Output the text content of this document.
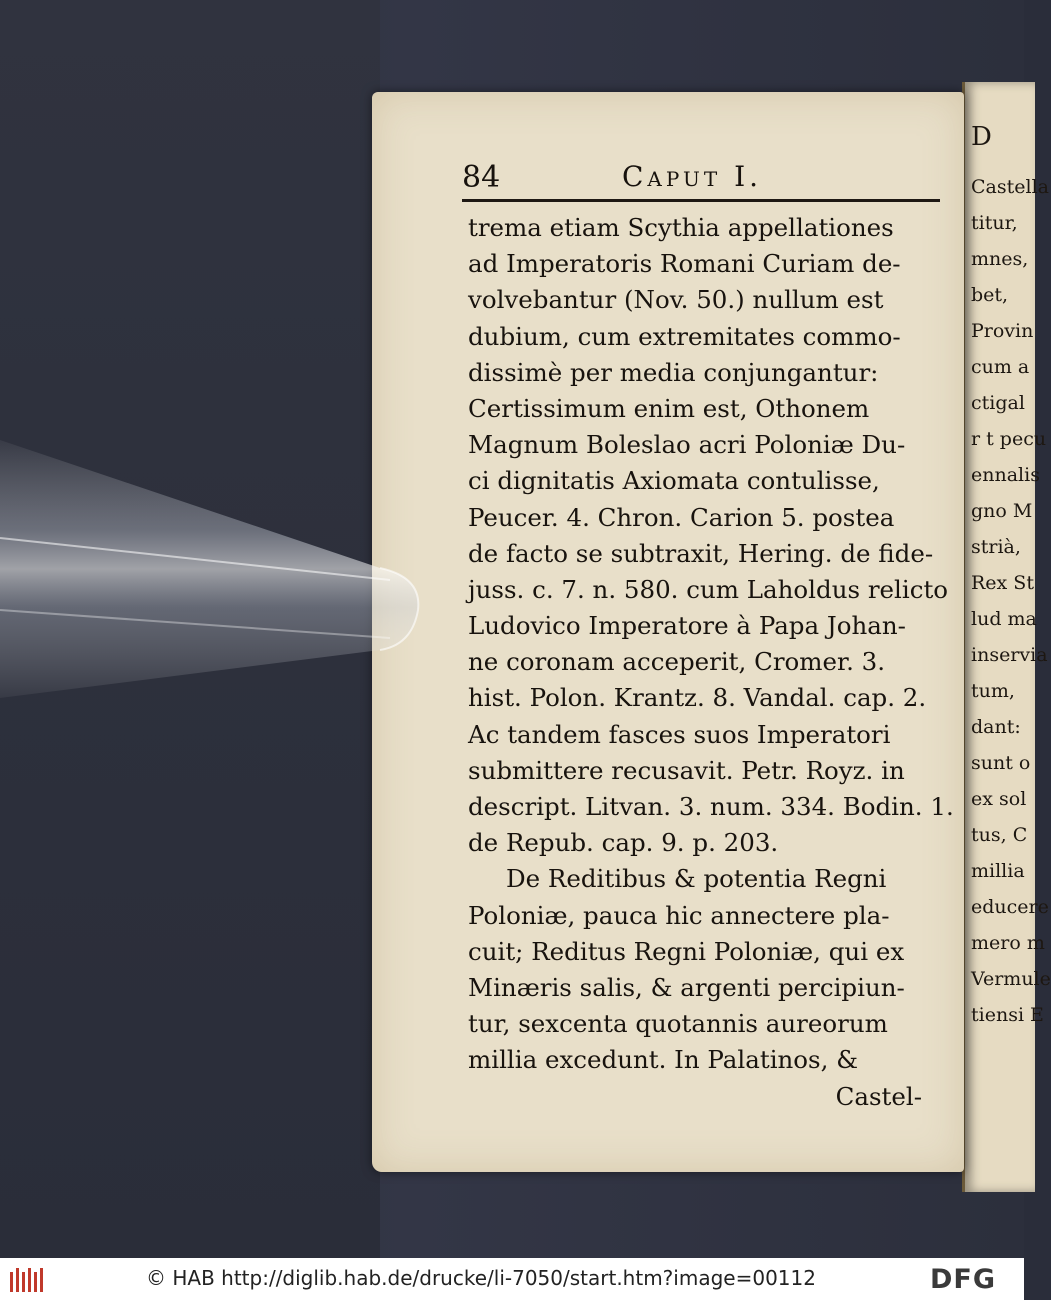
D
Castella
titur,
mnes,
bet,
Provin
cum a
ctigal
r t pecu
ennalis
gno M
strià,
Rex St
lud ma
inservia
tum,
dant:
sunt o
ex sol
tus, C
millia
educere
mero m
Vermule
tiensi E
84	Caput I.
trema etiam Scythia appellationes
ad Imperatoris Romani Curiam de-
volvebantur (Nov. 50.) nullum est
dubium, cum extremitates commo-
dissimè per media conjungantur:
Certissimum enim est, Othonem
Magnum Boleslao acri Poloniæ Du-
ci dignitatis Axiomata contulisse,
Peucer. 4. Chron. Carion 5. postea
de facto se subtraxit, Hering. de fide-
juss. c. 7. n. 580. cum Laholdus relicto
Ludovico Imperatore à Papa Johan-
ne coronam acceperit, Cromer. 3.
hist. Polon. Krantz. 8. Vandal. cap. 2.
Ac tandem fasces suos Imperatori
submittere recusavit. Petr. Royz. in
descript. Litvan. 3. num. 334. Bodin. 1.
de Repub. cap. 9. p. 203.
De Reditibus & potentia Regni
Poloniæ, pauca hic annectere pla-
cuit; Reditus Regni Poloniæ, qui ex
Minæris salis, & argenti percipiun-
tur, sexcenta quotannis aureorum
millia excedunt. In Palatinos, &
Castel-
© HAB http://diglib.hab.de/drucke/li-7050/start.htm?image=00112	DFG
